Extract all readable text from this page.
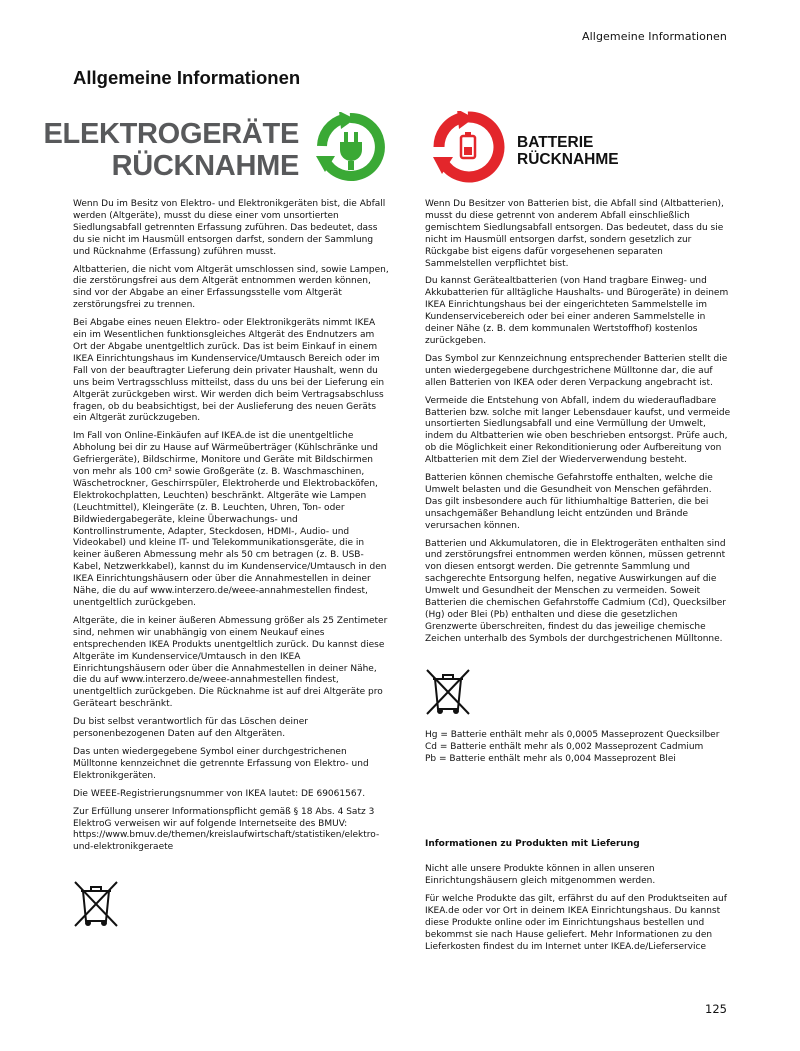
Allgemeine Informationen
Allgemeine Informationen
ELEKTROGERÄTE
RÜCKNAHME
BATTERIE
RÜCKNAHME

Wenn Du im Besitz von Elektro- und Elektronikgeräten bist, die Abfall werden (Altgeräte), musst du diese einer vom unsortierten Siedlungsabfall getrennten Erfassung zuführen. Das bedeutet, dass du sie nicht im Hausmüll entsorgen darfst, sondern der Sammlung und Rücknahme (Erfassung) zuführen musst.

Altbatterien, die nicht vom Altgerät umschlossen sind, sowie Lampen, die zerstörungsfrei aus dem Altgerät entnommen werden können, sind vor der Abgabe an einer Erfassungsstelle vom Altgerät zerstörungsfrei zu trennen.

Bei Abgabe eines neuen Elektro- oder Elektronikgeräts nimmt IKEA ein im Wesentlichen funktionsgleiches Altgerät des Endnutzers am Ort der Abgabe unentgeltlich zurück. Das ist beim Einkauf in einem IKEA Einrichtungshaus im Kundenservice/Umtausch Bereich oder im Fall von der beauftragter Lieferung dein privater Haushalt, wenn du uns beim Vertragsschluss mitteilst, dass du uns bei der Lieferung ein Altgerät zurückgeben wirst. Wir werden dich beim Vertragsabschluss fragen, ob du beabsichtigst, bei der Auslieferung des neuen Geräts ein Altgerät zurückzugeben.

Im Fall von Online-Einkäufen auf IKEA.de ist die unentgeltliche Abholung bei dir zu Hause auf Wärmeüberträger (Kühlschränke und Gefriergeräte), Bildschirme, Monitore und Geräte mit Bildschirmen von mehr als 100 cm² sowie Großgeräte (z. B. Waschmaschinen, Wäschetrockner, Geschirrspüler, Elektroherde und Elektrobacköfen, Elektrokochplatten, Leuchten) beschränkt. Altgeräte wie Lampen (Leuchtmittel), Kleingeräte (z. B. Leuchten, Uhren, Ton- oder Bildwiedergabegeräte, kleine Überwachungs- und Kontrollinstrumente, Adapter, Steckdosen, HDMI-, Audio- und Videokabel) und kleine IT- und Telekommunikationsgeräte, die in keiner äußeren Abmessung mehr als 50 cm betragen (z. B. USB-Kabel, Netzwerkkabel), kannst du im Kundenservice/Umtausch in den IKEA Einrichtungshäusern oder über die Annahmestellen in deiner Nähe, die du auf www.interzero.de/weee-annahmestellen findest, unentgeltlich zurückgeben.

Altgeräte, die in keiner äußeren Abmessung größer als 25 Zentimeter sind, nehmen wir unabhängig von einem Neukauf eines entsprechenden IKEA Produkts unentgeltlich zurück. Du kannst diese Altgeräte im Kundenservice/Umtausch in den IKEA Einrichtungshäusern oder über die Annahmestellen in deiner Nähe, die du auf www.interzero.de/weee-annahmestellen findest, unentgeltlich zurückgeben. Die Rücknahme ist auf drei Altgeräte pro Geräteart beschränkt.

Du bist selbst verantwortlich für das Löschen deiner personenbezogenen Daten auf den Altgeräten.

Das unten wiedergegebene Symbol einer durchgestrichenen Mülltonne kennzeichnet die getrennte Erfassung von Elektro- und Elektronikgeräten.

Die WEEE-Registrierungsnummer von IKEA lautet: DE 69061567.

Zur Erfüllung unserer Informationspflicht gemäß § 18 Abs. 4 Satz 3 ElektroG verweisen wir auf folgende Internetseite des BMUV: https://www.bmuv.de/themen/kreislaufwirtschaft/statistiken/elektro-und-elektronikgeraete

Wenn Du Besitzer von Batterien bist, die Abfall sind (Altbatterien), musst du diese getrennt von anderem Abfall einschließlich gemischtem Siedlungsabfall entsorgen. Das bedeutet, dass du sie nicht im Hausmüll entsorgen darfst, sondern gesetzlich zur Rückgabe bist eigens dafür vorgesehenen separaten Sammelstellen verpflichtet bist.

Du kannst Gerätealtbatterien (von Hand tragbare Einweg- und Akkubatterien für alltägliche Haushalts- und Bürogeräte) in deinem IKEA Einrichtungshaus bei der eingerichteten Sammelstelle im Kundenservicebereich oder bei einer anderen Sammelstelle in deiner Nähe (z. B. dem kommunalen Wertstoffhof) kostenlos zurückgeben.

Das Symbol zur Kennzeichnung entsprechender Batterien stellt die unten wiedergegebene durchgestrichene Mülltonne dar, die auf allen Batterien von IKEA oder deren Verpackung angebracht ist.

Vermeide die Entstehung von Abfall, indem du wiederaufladbare Batterien bzw. solche mit langer Lebensdauer kaufst, und vermeide unsortierten Siedlungsabfall und eine Vermüllung der Umwelt, indem du Altbatterien wie oben beschrieben entsorgst. Prüfe auch, ob die Möglichkeit einer Rekonditionierung oder Aufbereitung von Altbatterien mit dem Ziel der Wiederverwendung besteht.

Batterien können chemische Gefahrstoffe enthalten, welche die Umwelt belasten und die Gesundheit von Menschen gefährden. Das gilt insbesondere auch für lithiumhaltige Batterien, die bei unsachgemäßer Behandlung leicht entzünden und Brände verursachen können.

Batterien und Akkumulatoren, die in Elektrogeräten enthalten sind und zerstörungsfrei entnommen werden können, müssen getrennt von diesen entsorgt werden. Die getrennte Sammlung und sachgerechte Entsorgung helfen, negative Auswirkungen auf die Umwelt und Gesundheit der Menschen zu vermeiden. Soweit Batterien die chemischen Gefahrstoffe Cadmium (Cd), Quecksilber (Hg) oder Blei (Pb) enthalten und diese die gesetzlichen Grenzwerte überschreiten, findest du das jeweilige chemische Zeichen unterhalb des Symbols der durchgestrichenen Mülltonne.

Hg = Batterie enthält mehr als 0,0005 Masseprozent Quecksilber

Cd = Batterie enthält mehr als 0,002 Masseprozent Cadmium

Pb = Batterie enthält mehr als 0,004 Masseprozent Blei

Informationen zu Produkten mit Lieferung

Nicht alle unsere Produkte können in allen unseren Einrichtungshäusern gleich mitgenommen werden.

Für welche Produkte das gilt, erfährst du auf den Produktseiten auf IKEA.de oder vor Ort in deinem IKEA Einrichtungshaus. Du kannst diese Produkte online oder im Einrichtungshaus bestellen und bekommst sie nach Hause geliefert. Mehr Informationen zu den Lieferkosten findest du im Internet unter IKEA.de/Lieferservice

125
